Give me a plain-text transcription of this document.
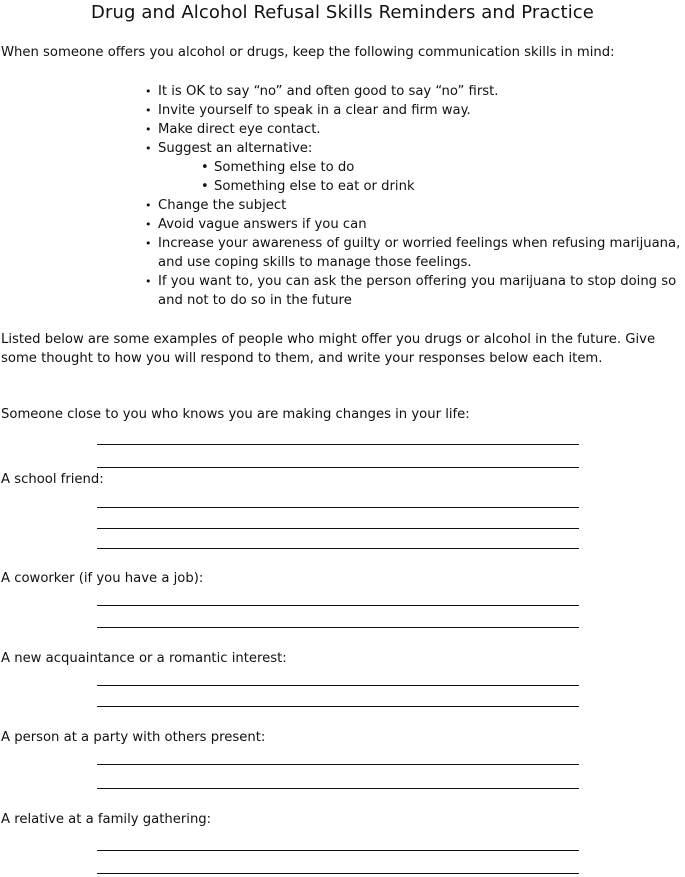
Drug and Alcohol Refusal Skills Reminders and Practice
When someone offers you alcohol or drugs, keep the following communication skills in mind:
• It is OK to say “no” and often good to say “no” first.
• Invite yourself to speak in a clear and firm way.
• Make direct eye contact.
• Suggest an alternative:
• Something else to do
• Something else to eat or drink
• Change the subject
• Avoid vague answers if you can
• Increase your awareness of guilty or worried feelings when refusing marijuana, and use coping skills to manage those feelings.
• If you want to, you can ask the person offering you marijuana to stop doing so and not to do so in the future
Listed below are some examples of people who might offer you drugs or alcohol in the future. Give some thought to how you will respond to them, and write your responses below each item.
Someone close to you who knows you are making changes in your life:
A school friend:
A coworker (if you have a job):
A new acquaintance or a romantic interest:
A person at a party with others present:
A relative at a family gathering:
